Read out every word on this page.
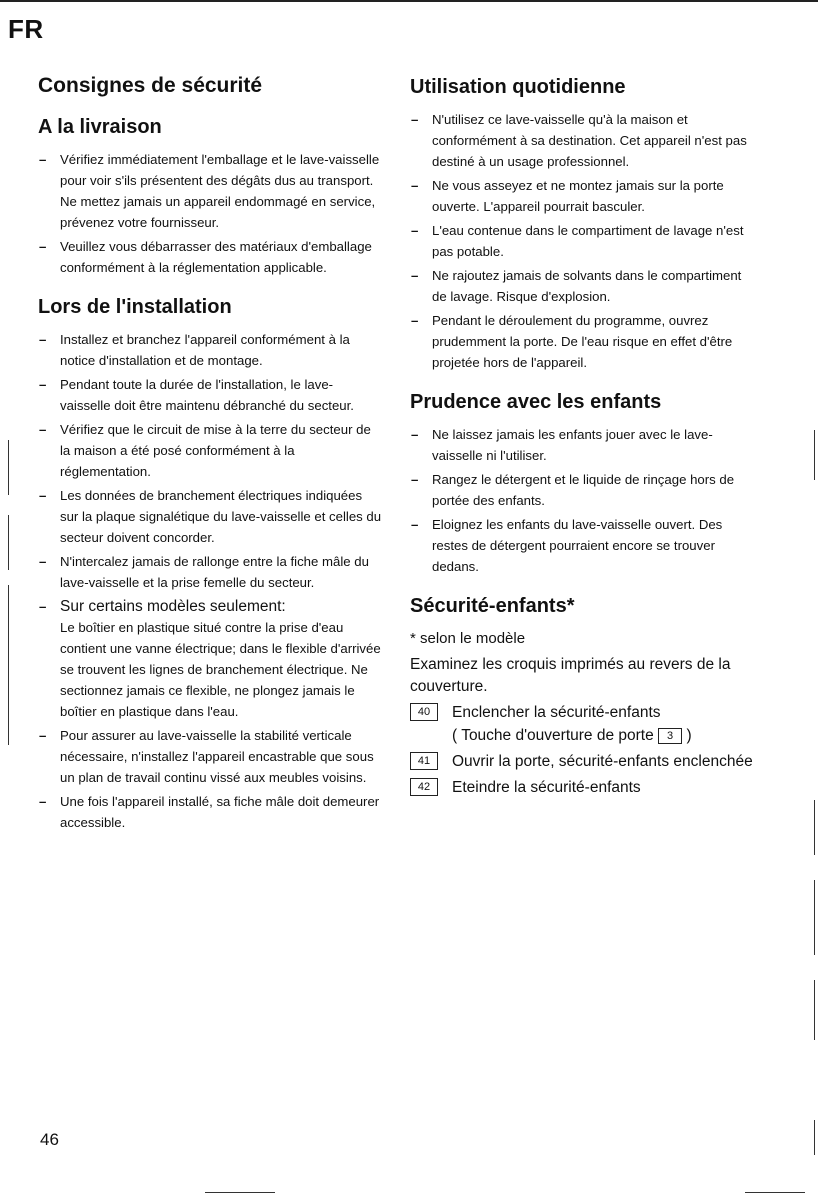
FR
Consignes de sécurité
A la livraison
– Vérifiez immédiatement l'emballage et le lave-vaisselle pour voir s'ils présentent des dégâts dus au transport. Ne mettez jamais un appareil endommagé en service, prévenez votre fournisseur.
– Veuillez vous débarrasser des matériaux d'emballage conformément à la réglementation applicable.
Lors de l'installation
– Installez et branchez l'appareil conformément à la notice d'installation et de montage.
– Pendant toute la durée de l'installation, le lave-vaisselle doit être maintenu débranché du secteur.
– Vérifiez que le circuit de mise à la terre du secteur de la maison a été posé conformément à la réglementation.
– Les données de branchement électriques indiquées sur la plaque signalétique du lave-vaisselle et celles du secteur doivent concorder.
– N'intercalez jamais de rallonge entre la fiche mâle du lave-vaisselle et la prise femelle du secteur.
– Sur certains modèles seulement:
Le boîtier en plastique situé contre la prise d'eau contient une vanne électrique; dans le flexible d'arrivée se trouvent les lignes de branchement électrique. Ne sectionnez jamais ce flexible, ne plongez jamais le boîtier en plastique dans l'eau.
– Pour assurer au lave-vaisselle la stabilité verticale nécessaire, n'installez l'appareil encastrable que sous un plan de travail continu vissé aux meubles voisins.
– Une fois l'appareil installé, sa fiche mâle doit demeurer accessible.
Utilisation quotidienne
– N'utilisez ce lave-vaisselle qu'à la maison et conformément à sa destination. Cet appareil n'est pas destiné à un usage professionnel.
– Ne vous asseyez et ne montez jamais sur la porte ouverte. L'appareil pourrait basculer.
– L'eau contenue dans le compartiment de lavage n'est pas potable.
– Ne rajoutez jamais de solvants dans le compartiment de lavage. Risque d'explosion.
– Pendant le déroulement du programme, ouvrez prudemment la porte. De l'eau risque en effet d'être projetée hors de l'appareil.
Prudence avec les enfants
– Ne laissez jamais les enfants jouer avec le lave-vaisselle ni l'utiliser.
– Rangez le détergent et le liquide de rinçage hors de portée des enfants.
– Eloignez les enfants du lave-vaisselle ouvert. Des restes de détergent pourraient encore se trouver dedans.
Sécurité-enfants*

* selon le modèle

Examinez les croquis imprimés au revers de la couverture.

40	Enclencher la sécurité-enfants
( Touche d'ouverture de porte 3 )
41	Ouvrir la porte, sécurité-enfants enclenchée
42	Eteindre la sécurité-enfants
46
